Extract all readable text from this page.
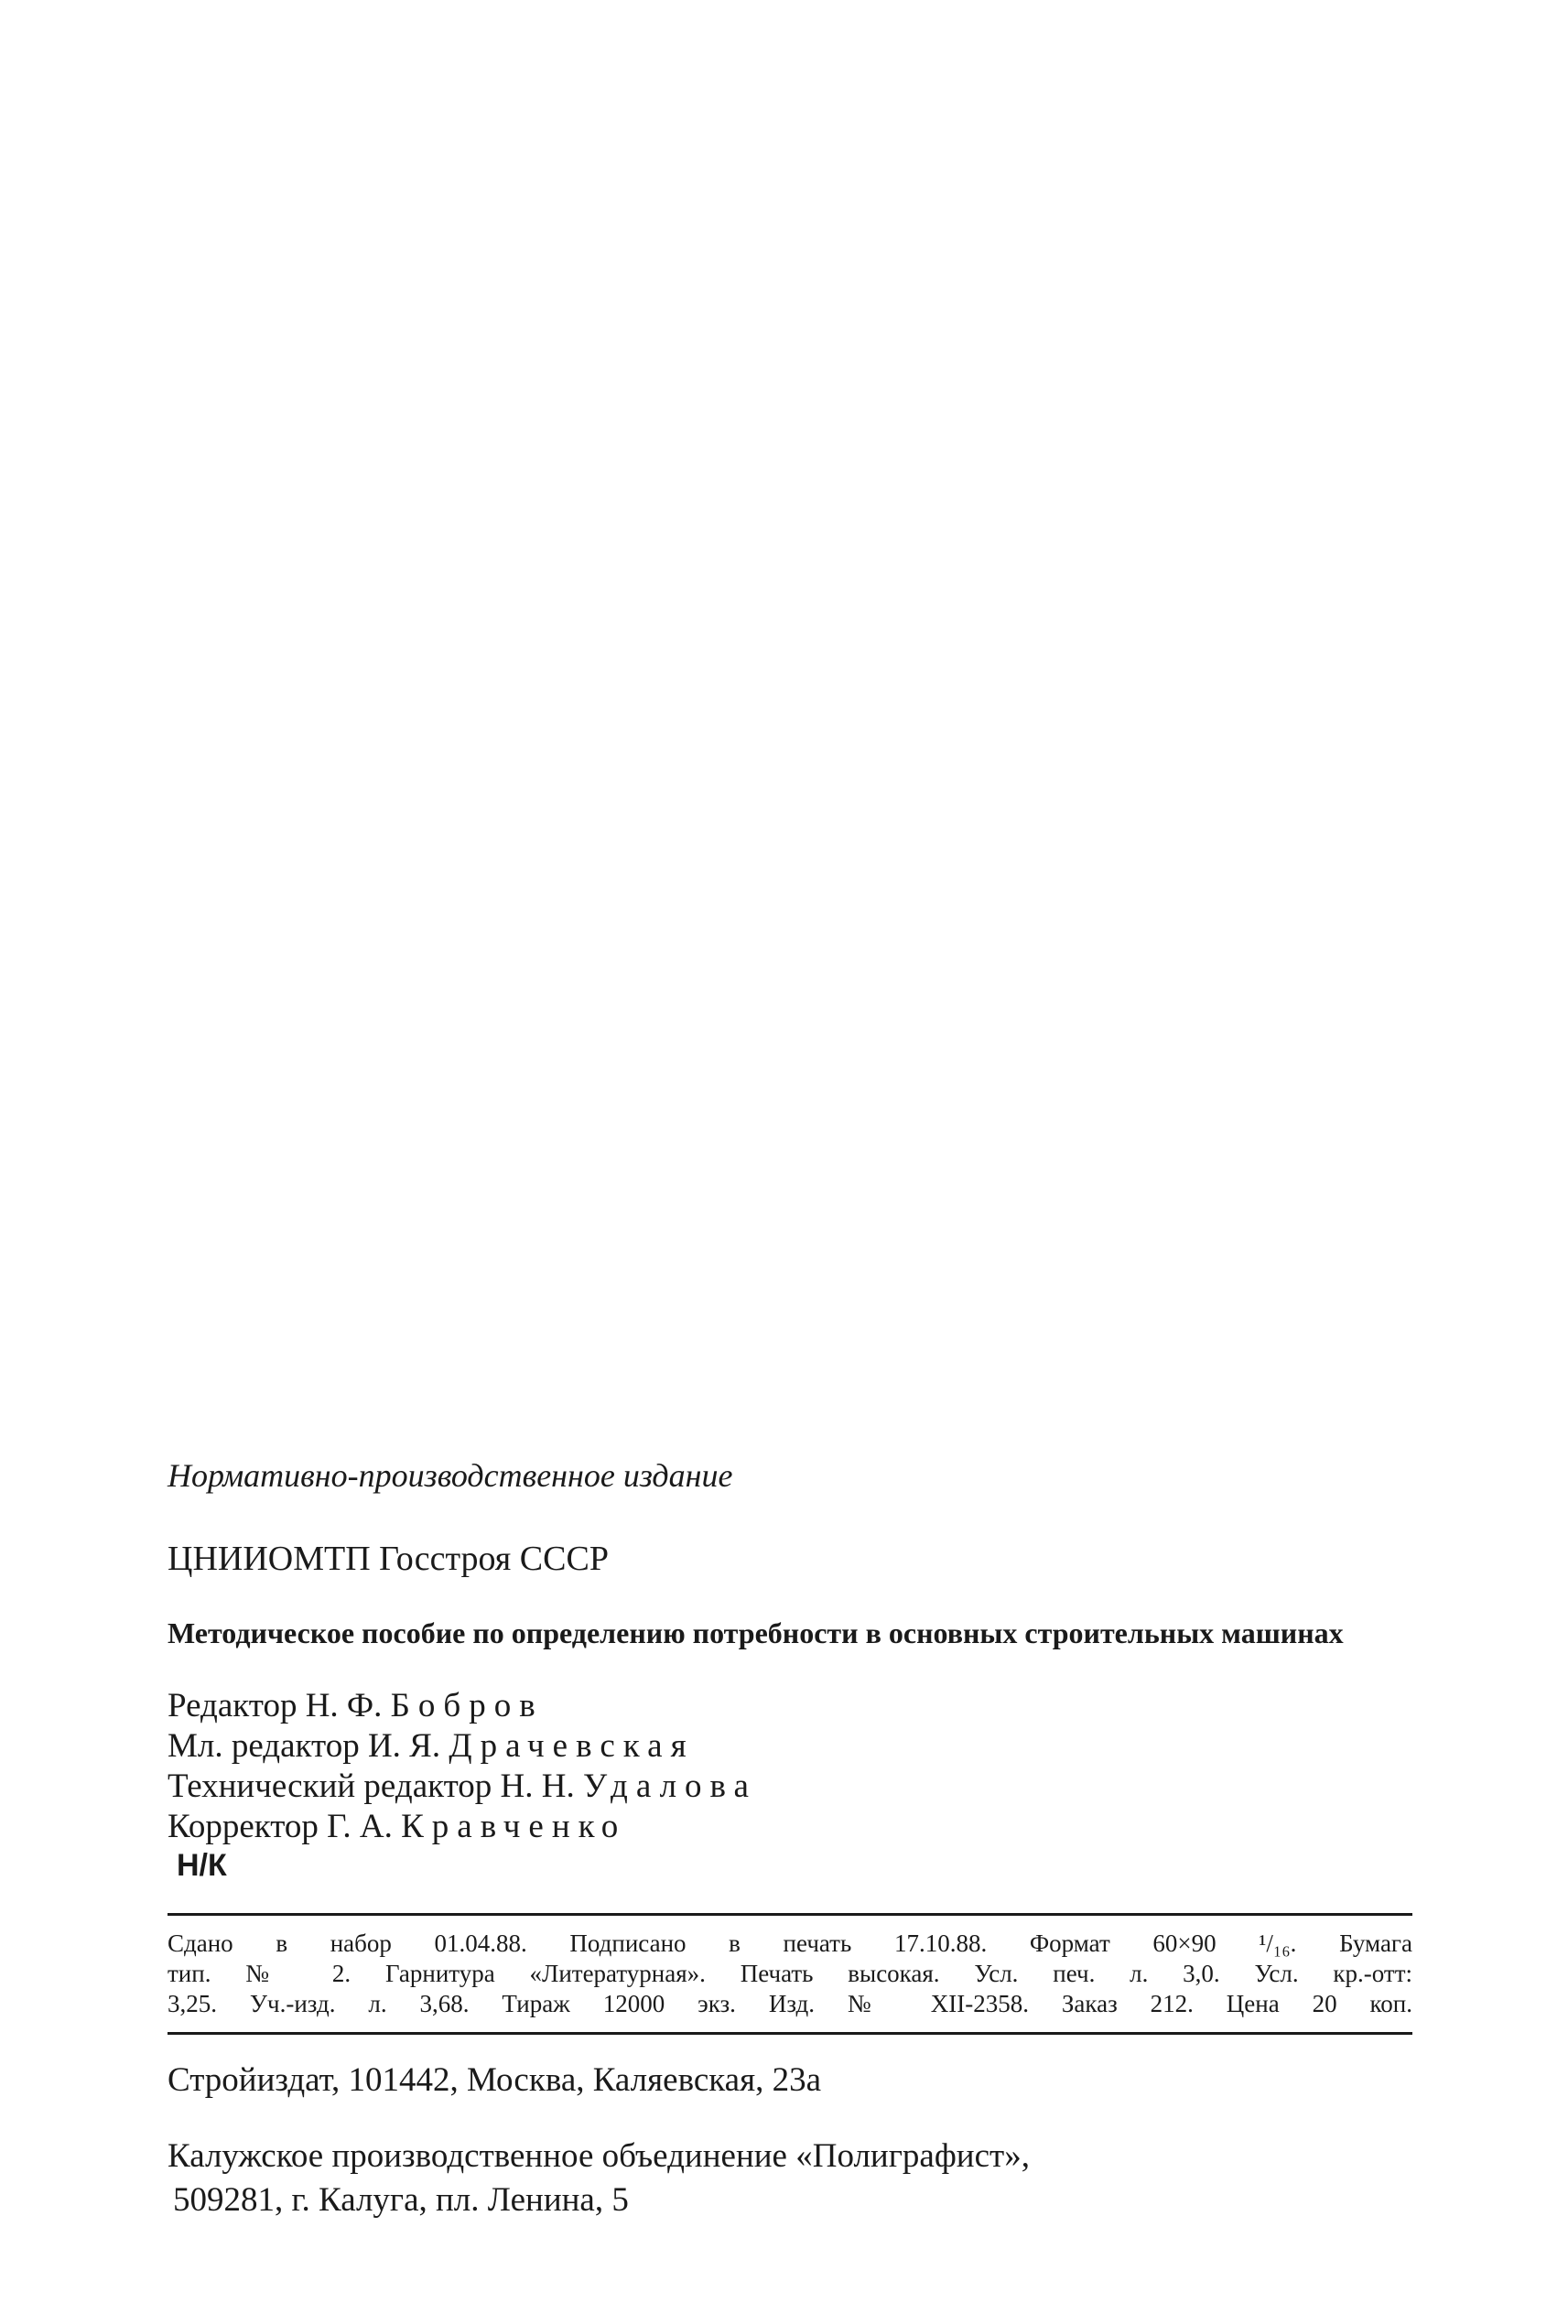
Нормативно-производственное издание

ЦНИИОМТП Госстроя СССР

Методическое пособие по определению потребности в основных строительных машинах

Редактор Н. Ф. Бобров
Мл. редактор И. Я. Драчевская
Технический редактор Н. Н. Удалова
Корректор Г. А. Кравченко
Н/К
Сдано в набор 01.04.88. Подписано в печать 17.10.88. Формат 60×90 ¹/₁₆. Бумага
тип. № 2. Гарнитура «Литературная». Печать высокая. Усл. печ. л. 3,0. Усл. кр.-отт:
3,25. Уч.-изд. л. 3,68. Тираж 12000 экз. Изд. № XII-2358. Заказ 212. Цена 20 коп.

Стройиздат, 101442, Москва, Каляевская, 23а

Калужское производственное объединение «Полиграфист»,
509281, г. Калуга, пл. Ленина, 5
